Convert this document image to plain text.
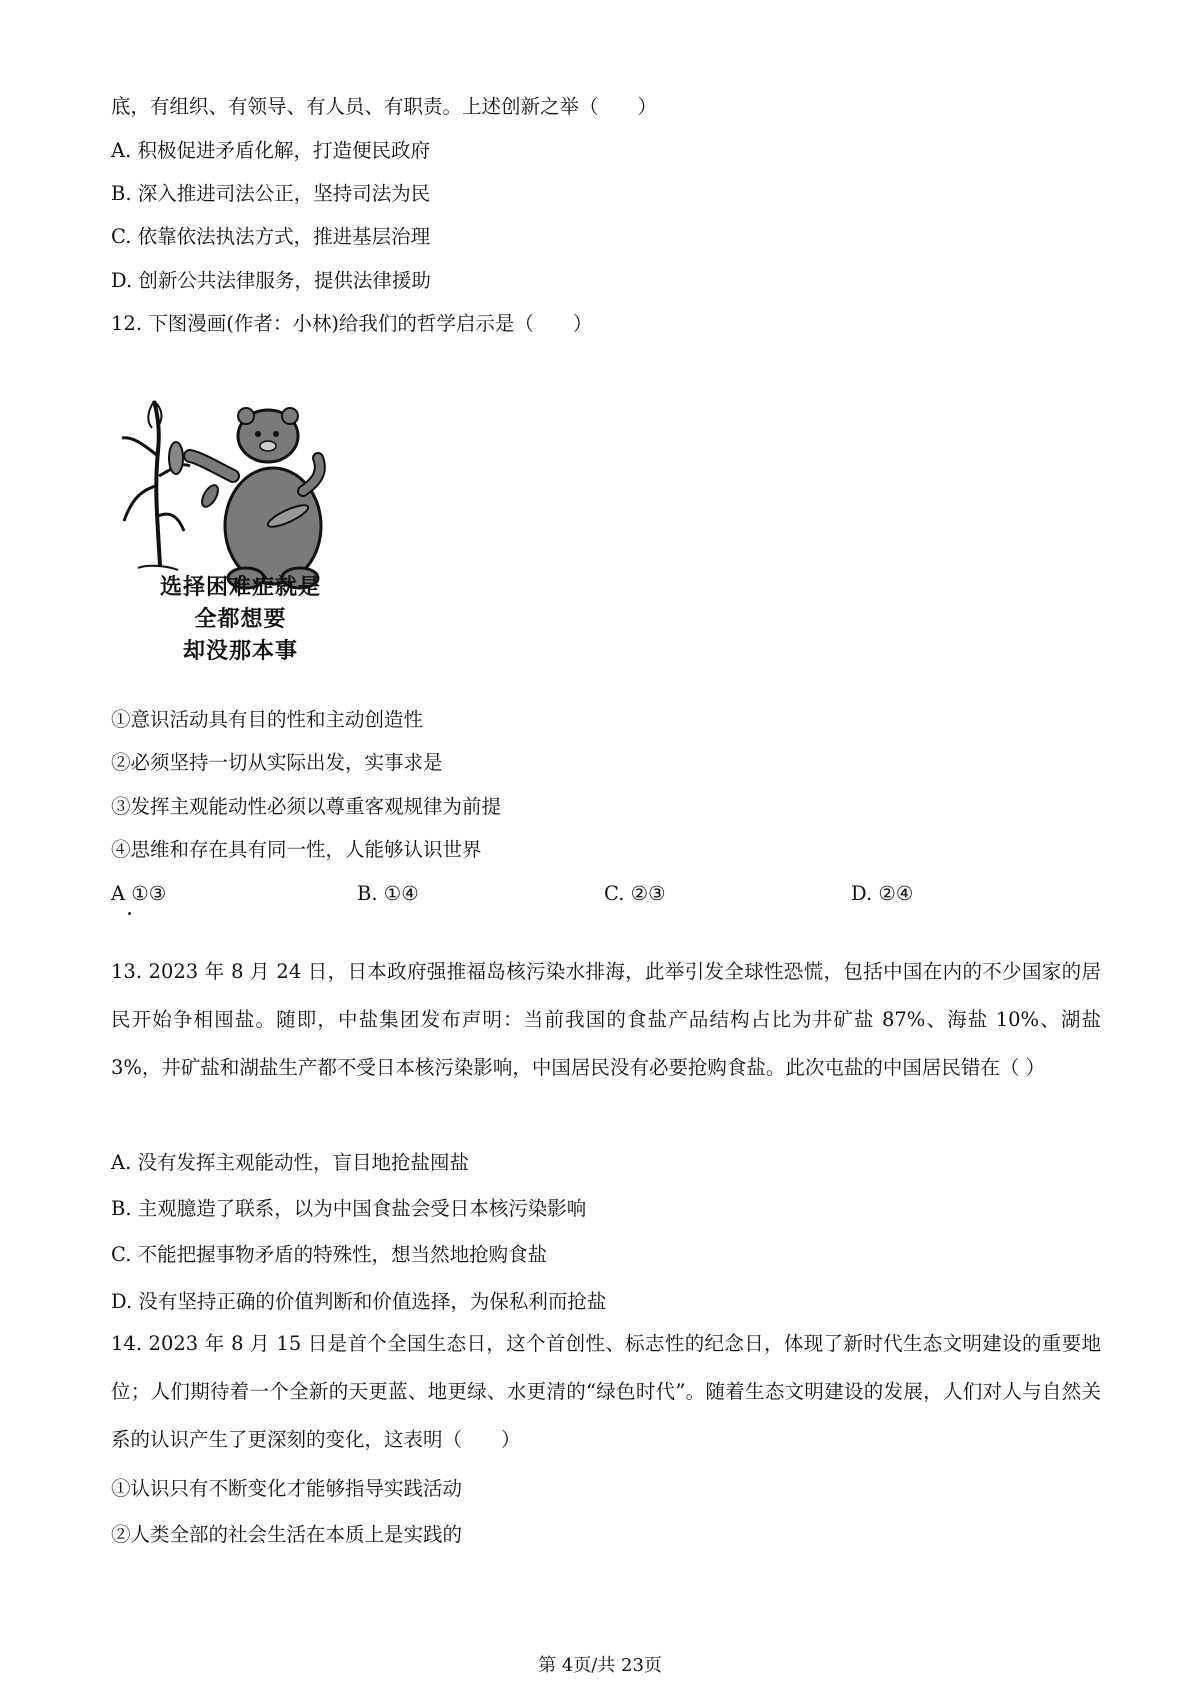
底，有组织、有领导、有人员、有职责。上述创新之举（　　）
A. 积极促进矛盾化解，打造便民政府
B. 深入推进司法公正，坚持司法为民
C. 依靠依法执法方式，推进基层治理
D. 创新公共法律服务，提供法律援助
12. 下图漫画(作者：小林)给我们的哲学启示是（　　）
选择困难症就是
全都想要
却没那本事
①意识活动具有目的性和主动创造性
②必须坚持一切从实际出发，实事求是
③发挥主观能动性必须以尊重客观规律为前提
④思维和存在具有同一性，人能够认识世界
A ①③	B. ①④	C. ②③	D. ②④
13. 2023 年 8 月 24 日，日本政府强推福岛核污染水排海，此举引发全球性恐慌，包括中国在内的不少国家的居民开始争相囤盐。随即，中盐集团发布声明：当前我国的食盐产品结构占比为井矿盐 87%、海盐 10%、湖盐 3%，井矿盐和湖盐生产都不受日本核污染影响，中国居民没有必要抢购食盐。此次屯盐的中国居民错在（ ）
A. 没有发挥主观能动性，盲目地抢盐囤盐
B. 主观臆造了联系，以为中国食盐会受日本核污染影响
C. 不能把握事物矛盾的特殊性，想当然地抢购食盐
D. 没有坚持正确的价值判断和价值选择，为保私利而抢盐
14. 2023 年 8 月 15 日是首个全国生态日，这个首创性、标志性的纪念日，体现了新时代生态文明建设的重要地位；人们期待着一个全新的天更蓝、地更绿、水更清的“绿色时代”。随着生态文明建设的发展，人们对人与自然关系的认识产生了更深刻的变化，这表明（　　）
①认识只有不断变化才能够指导实践活动
②人类全部的社会生活在本质上是实践的
第 4页/共 23页
